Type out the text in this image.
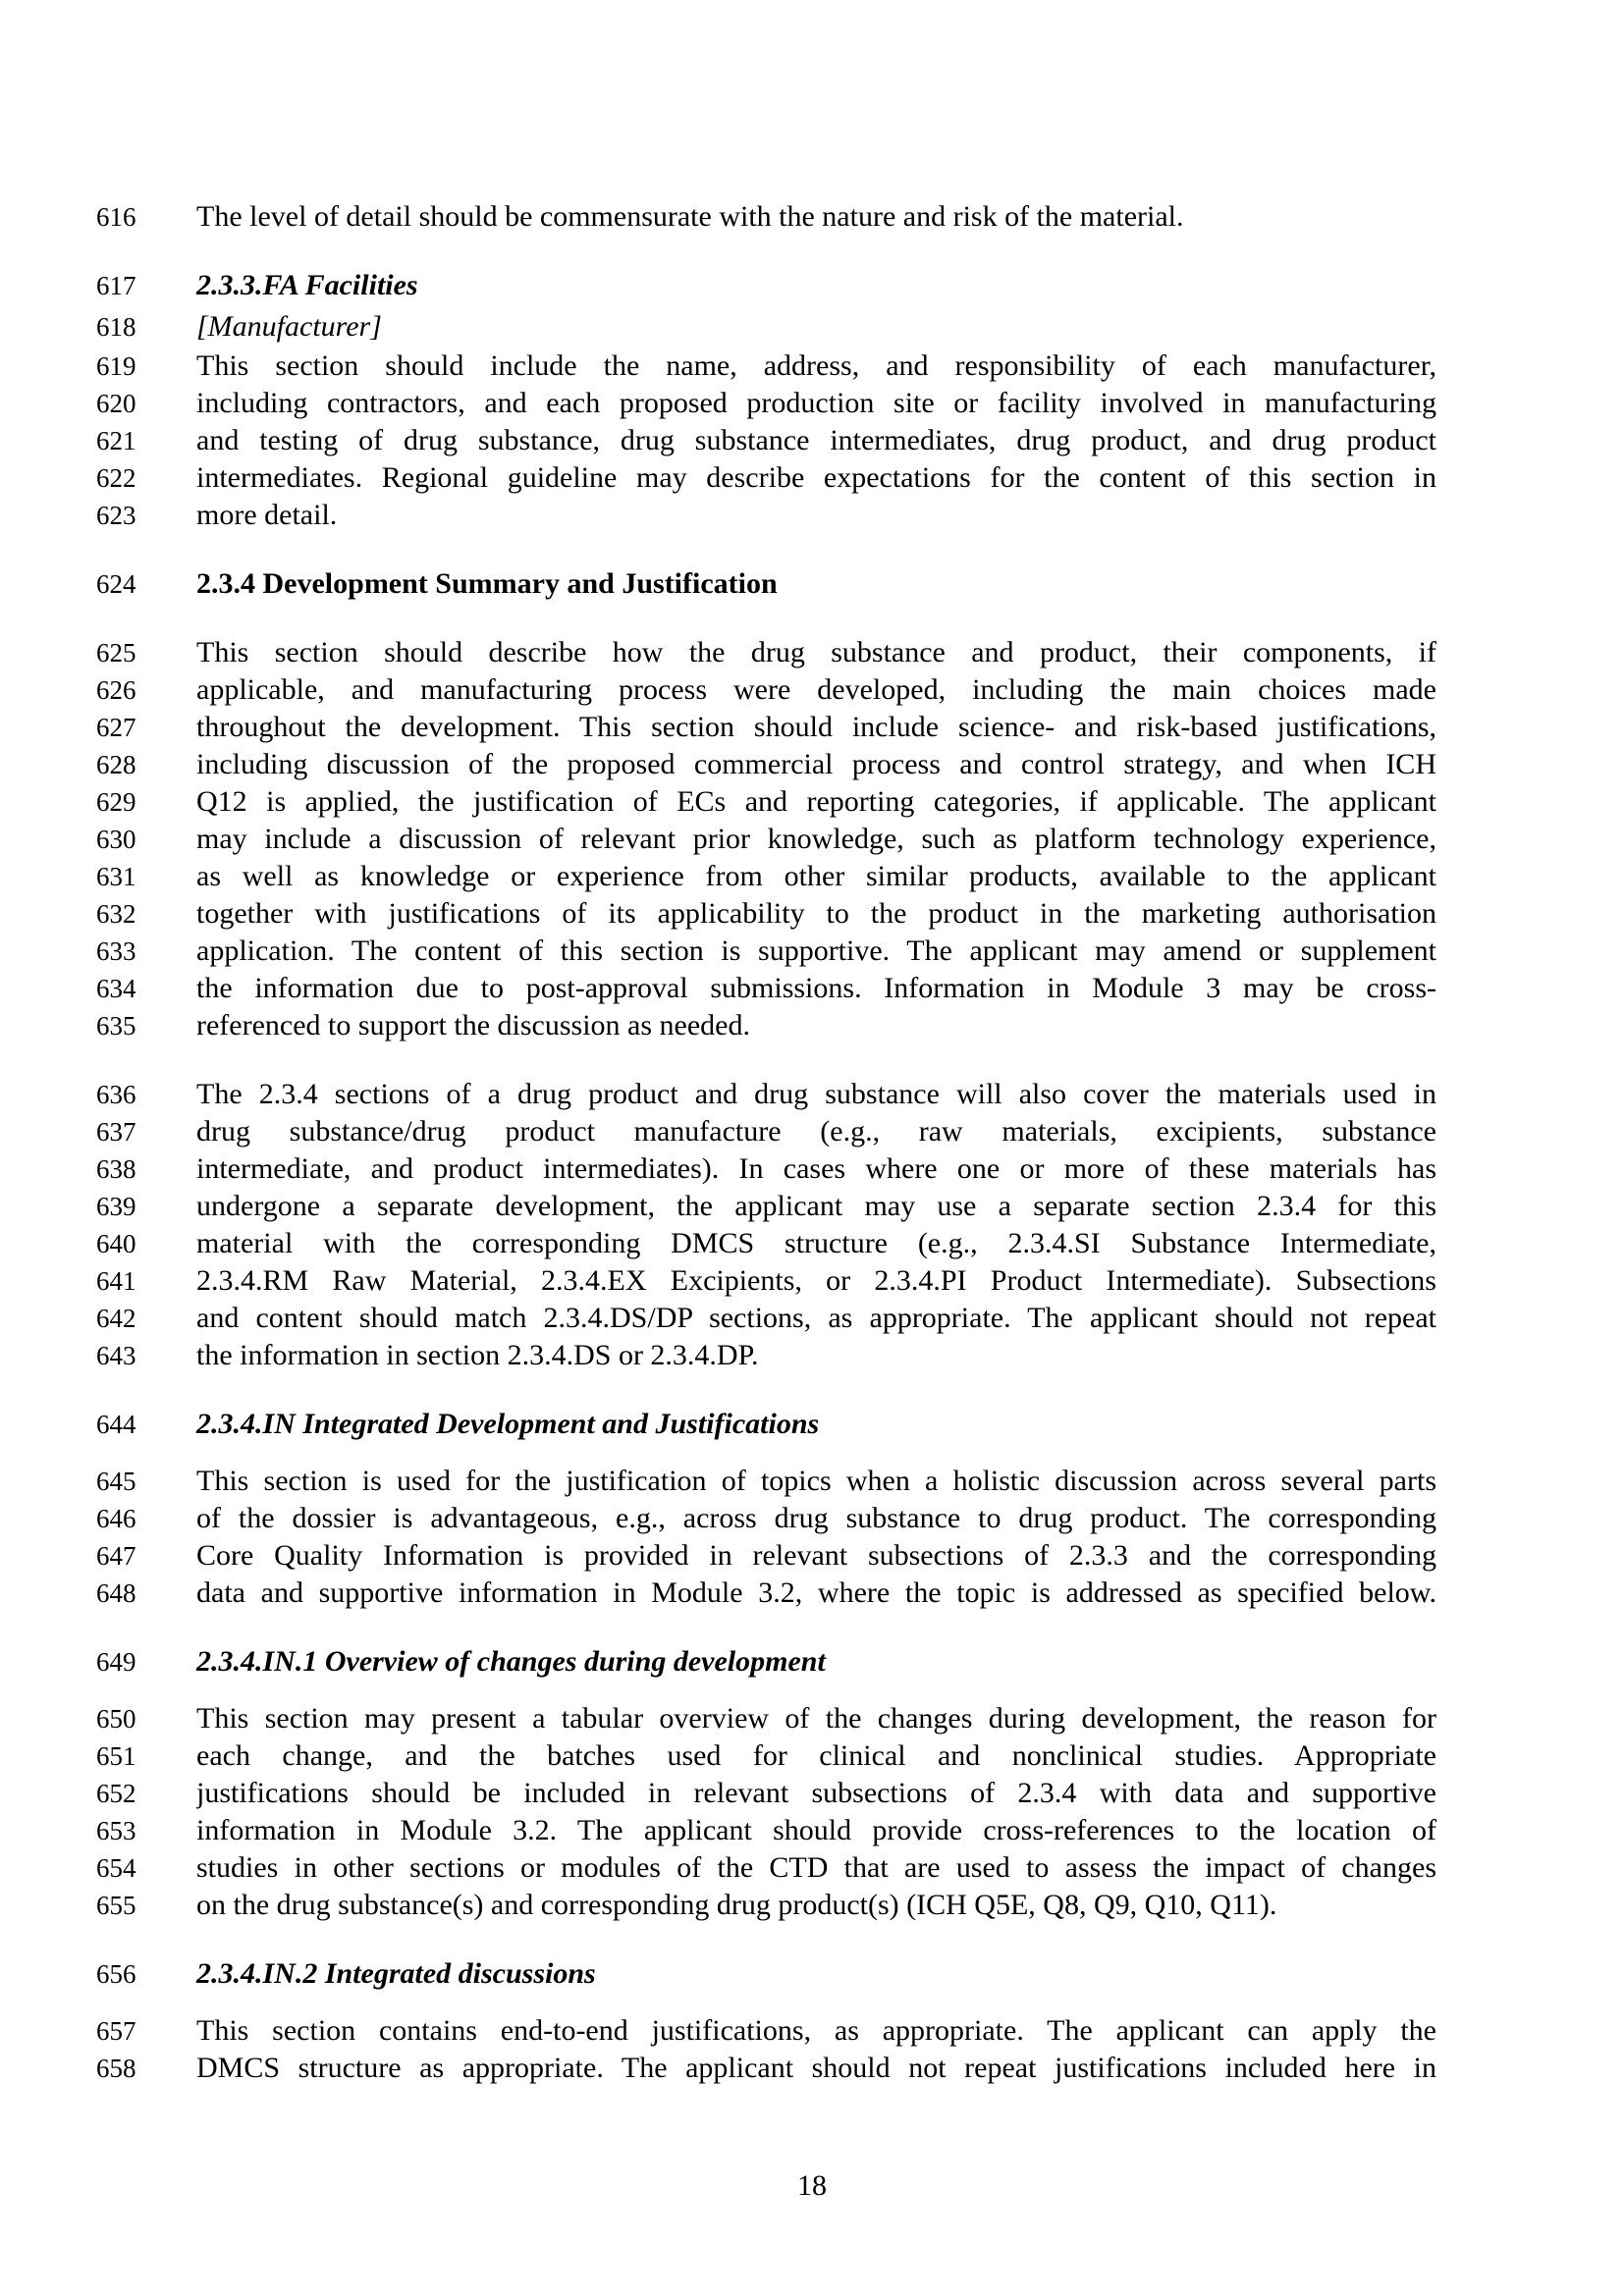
616	The level of detail should be commensurate with the nature and risk of the material.
617	2.3.3.FA Facilities
618	[Manufacturer]
619	This section should include the name, address, and responsibility of each manufacturer,
620	including contractors, and each proposed production site or facility involved in manufacturing
621	and testing of drug substance, drug substance intermediates, drug product, and drug product
622	intermediates. Regional guideline may describe expectations for the content of this section in
623	more detail.
624	2.3.4 Development Summary and Justification
625	This section should describe how the drug substance and product, their components, if
626	applicable, and manufacturing process were developed, including the main choices made
627	throughout the development. This section should include science- and risk-based justifications,
628	including discussion of the proposed commercial process and control strategy, and when ICH
629	Q12 is applied, the justification of ECs and reporting categories, if applicable. The applicant
630	may include a discussion of relevant prior knowledge, such as platform technology experience,
631	as well as knowledge or experience from other similar products, available to the applicant
632	together with justifications of its applicability to the product in the marketing authorisation
633	application. The content of this section is supportive. The applicant may amend or supplement
634	the information due to post-approval submissions. Information in Module 3 may be cross-
635	referenced to support the discussion as needed.
636	The 2.3.4 sections of a drug product and drug substance will also cover the materials used in
637	drug substance/drug product manufacture (e.g., raw materials, excipients, substance
638	intermediate, and product intermediates). In cases where one or more of these materials has
639	undergone a separate development, the applicant may use a separate section 2.3.4 for this
640	material with the corresponding DMCS structure (e.g., 2.3.4.SI Substance Intermediate,
641	2.3.4.RM Raw Material, 2.3.4.EX Excipients, or 2.3.4.PI Product Intermediate). Subsections
642	and content should match 2.3.4.DS/DP sections, as appropriate. The applicant should not repeat
643	the information in section 2.3.4.DS or 2.3.4.DP.
644	2.3.4.IN Integrated Development and Justifications
645	This section is used for the justification of topics when a holistic discussion across several parts
646	of the dossier is advantageous, e.g., across drug substance to drug product. The corresponding
647	Core Quality Information is provided in relevant subsections of 2.3.3 and the corresponding
648	data and supportive information in Module 3.2, where the topic is addressed as specified below.
649	2.3.4.IN.1 Overview of changes during development
650	This section may present a tabular overview of the changes during development, the reason for
651	each change, and the batches used for clinical and nonclinical studies. Appropriate
652	justifications should be included in relevant subsections of 2.3.4 with data and supportive
653	information in Module 3.2. The applicant should provide cross-references to the location of
654	studies in other sections or modules of the CTD that are used to assess the impact of changes
655	on the drug substance(s) and corresponding drug product(s) (ICH Q5E, Q8, Q9, Q10, Q11).
656	2.3.4.IN.2 Integrated discussions
657	This section contains end-to-end justifications, as appropriate. The applicant can apply the
658	DMCS structure as appropriate. The applicant should not repeat justifications included here in
18
